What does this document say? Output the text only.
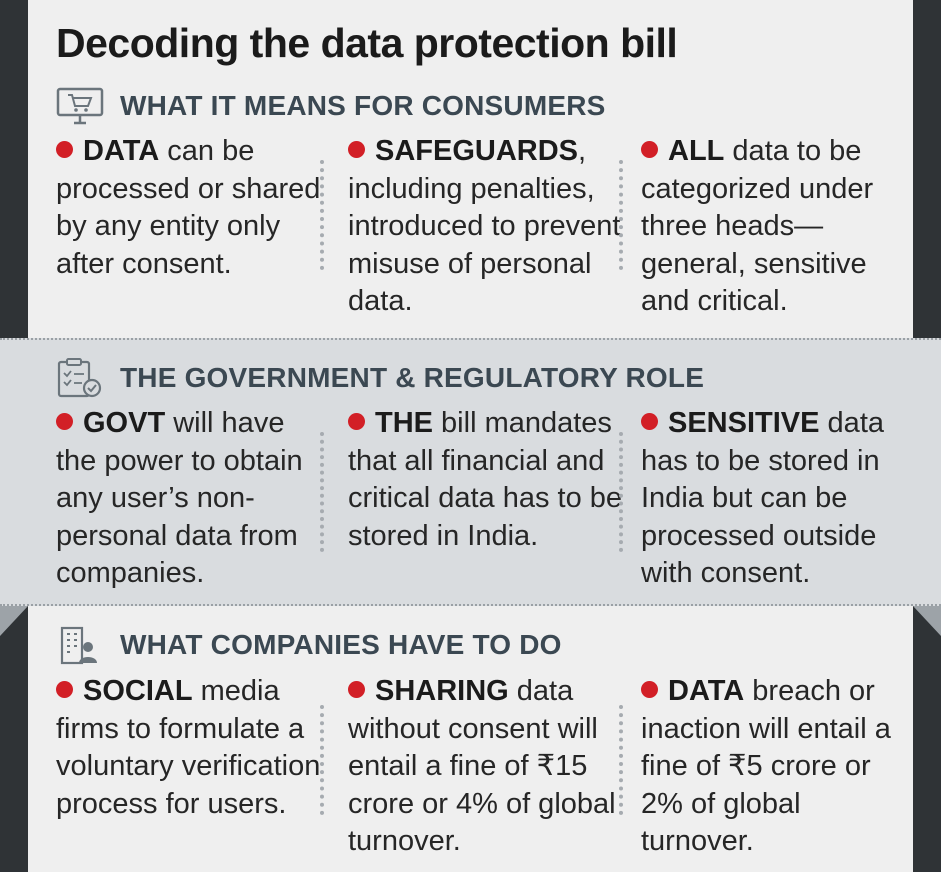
Decoding the data protection bill
WHAT IT MEANS FOR CONSUMERS

DATA can be processed or shared by any entity only after consent.

SAFEGUARDS, including penalties, introduced to prevent misuse of personal data.

ALL data to be categorized under three heads—general, sensitive and critical.

THE GOVERNMENT & REGULATORY ROLE

GOVT will have the power to obtain any user’s non-personal data from companies.

THE bill mandates that all financial and critical data has to be stored in India.

SENSITIVE data has to be stored in India but can be processed outside with consent.

WHAT COMPANIES HAVE TO DO

SOCIAL media firms to formulate a voluntary verification process for users.

SHARING data without consent will entail a fine of ₹15 crore or 4% of global turnover.

DATA breach or inaction will entail a fine of ₹5 crore or 2% of global turnover.
